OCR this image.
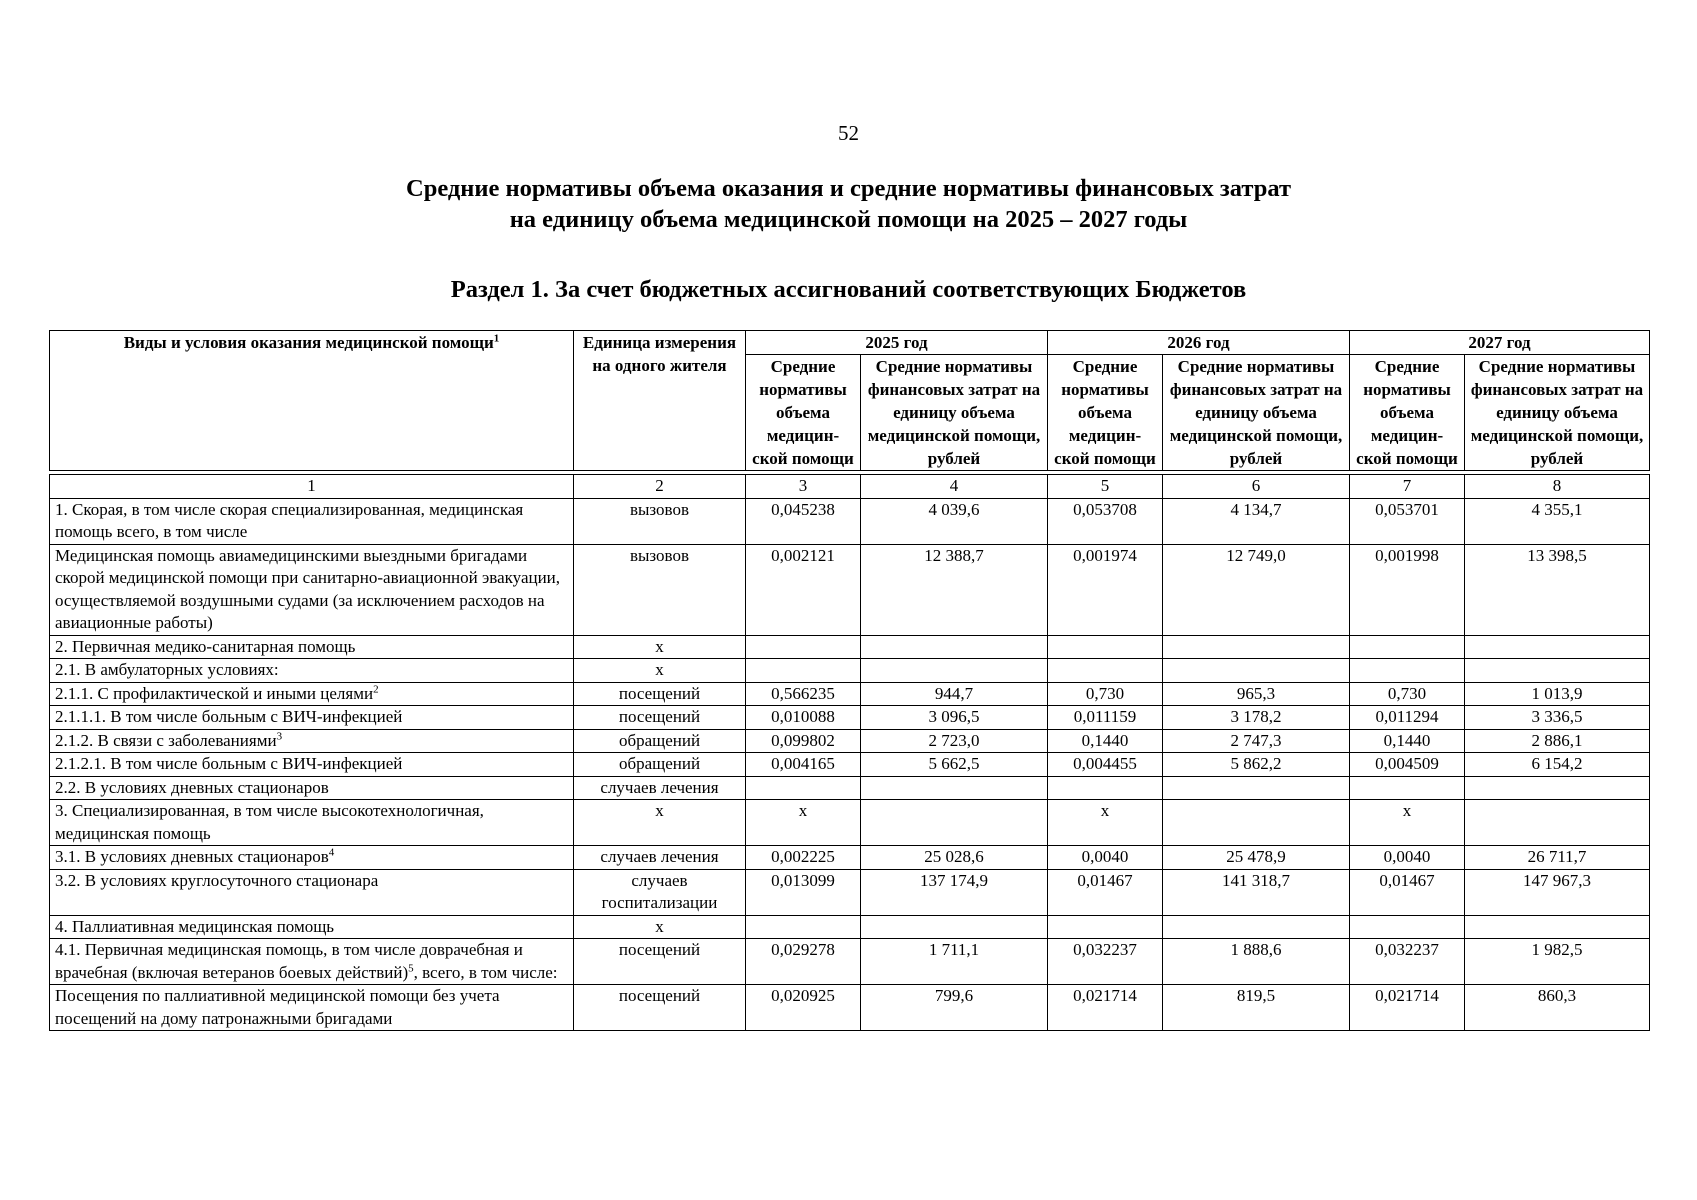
52
Средние нормативы объема оказания и средние нормативы финансовых затрат
на единицу объема медицинской помощи на 2025 – 2027 годы
Раздел 1. За счет бюджетных ассигнований соответствующих Бюджетов
Виды и условия оказания медицинской помощи$^1$	Единица измерения на одного жителя	2025 год		2026 год		2027 год	
		Средние нормативы объема медицин-ской помощи	Средние нормативы финансовых затрат на единицу объема медицинской помощи, рублей	Средние нормативы объема медицин-ской помощи	Средние нормативы финансовых затрат на единицу объема медицинской помощи, рублей	Средние нормативы объема медицин-ской помощи	Средние нормативы финансовых затрат на единицу объема медицинской помощи, рублей

1	2	3	4	5	6	7	8
1. Скорая, в том числе скорая специализированная, медицинская помощь всего, в том числе	вызовов	0,045238	4 039,6	0,053708	4 134,7	0,053701	4 355,1
Медицинская помощь авиамедицинскими выездными бригадами скорой медицинской помощи при санитарно-авиационной эвакуации, осуществляемой воздушными судами (за исключением расходов на авиационные работы)	вызовов	0,002121	12 388,7	0,001974	12 749,0	0,001998	13 398,5
2. Первичная медико-санитарная помощь	х						
2.1. В амбулаторных условиях:	х						
2.1.1. С профилактической и иными целями$^2$	посещений	0,566235	944,7	0,730	965,3	0,730	1 013,9
2.1.1.1. В том числе больным с ВИЧ-инфекцией	посещений	0,010088	3 096,5	0,011159	3 178,2	0,011294	3 336,5
2.1.2. В связи с заболеваниями$^3$	обращений	0,099802	2 723,0	0,1440	2 747,3	0,1440	2 886,1
2.1.2.1. В том числе больным с ВИЧ-инфекцией	обращений	0,004165	5 662,5	0,004455	5 862,2	0,004509	6 154,2
2.2. В условиях дневных стационаров	случаев лечения						
3. Специализированная, в том числе высокотехнологичная, медицинская помощь	х	х		х		х	
3.1. В условиях дневных стационаров$^4$	случаев лечения	0,002225	25 028,6	0,0040	25 478,9	0,0040	26 711,7
3.2. В условиях круглосуточного стационара	случаев госпитализации	0,013099	137 174,9	0,01467	141 318,7	0,01467	147 967,3
4. Паллиативная медицинская помощь	х						
4.1. Первичная медицинская помощь, в том числе доврачебная и врачебная (включая ветеранов боевых действий)$^5$, всего, в том числе:	посещений	0,029278	1 711,1	0,032237	1 888,6	0,032237	1 982,5
Посещения по паллиативной медицинской помощи без учета посещений на дому патронажными бригадами	посещений	0,020925	799,6	0,021714	819,5	0,021714	860,3
